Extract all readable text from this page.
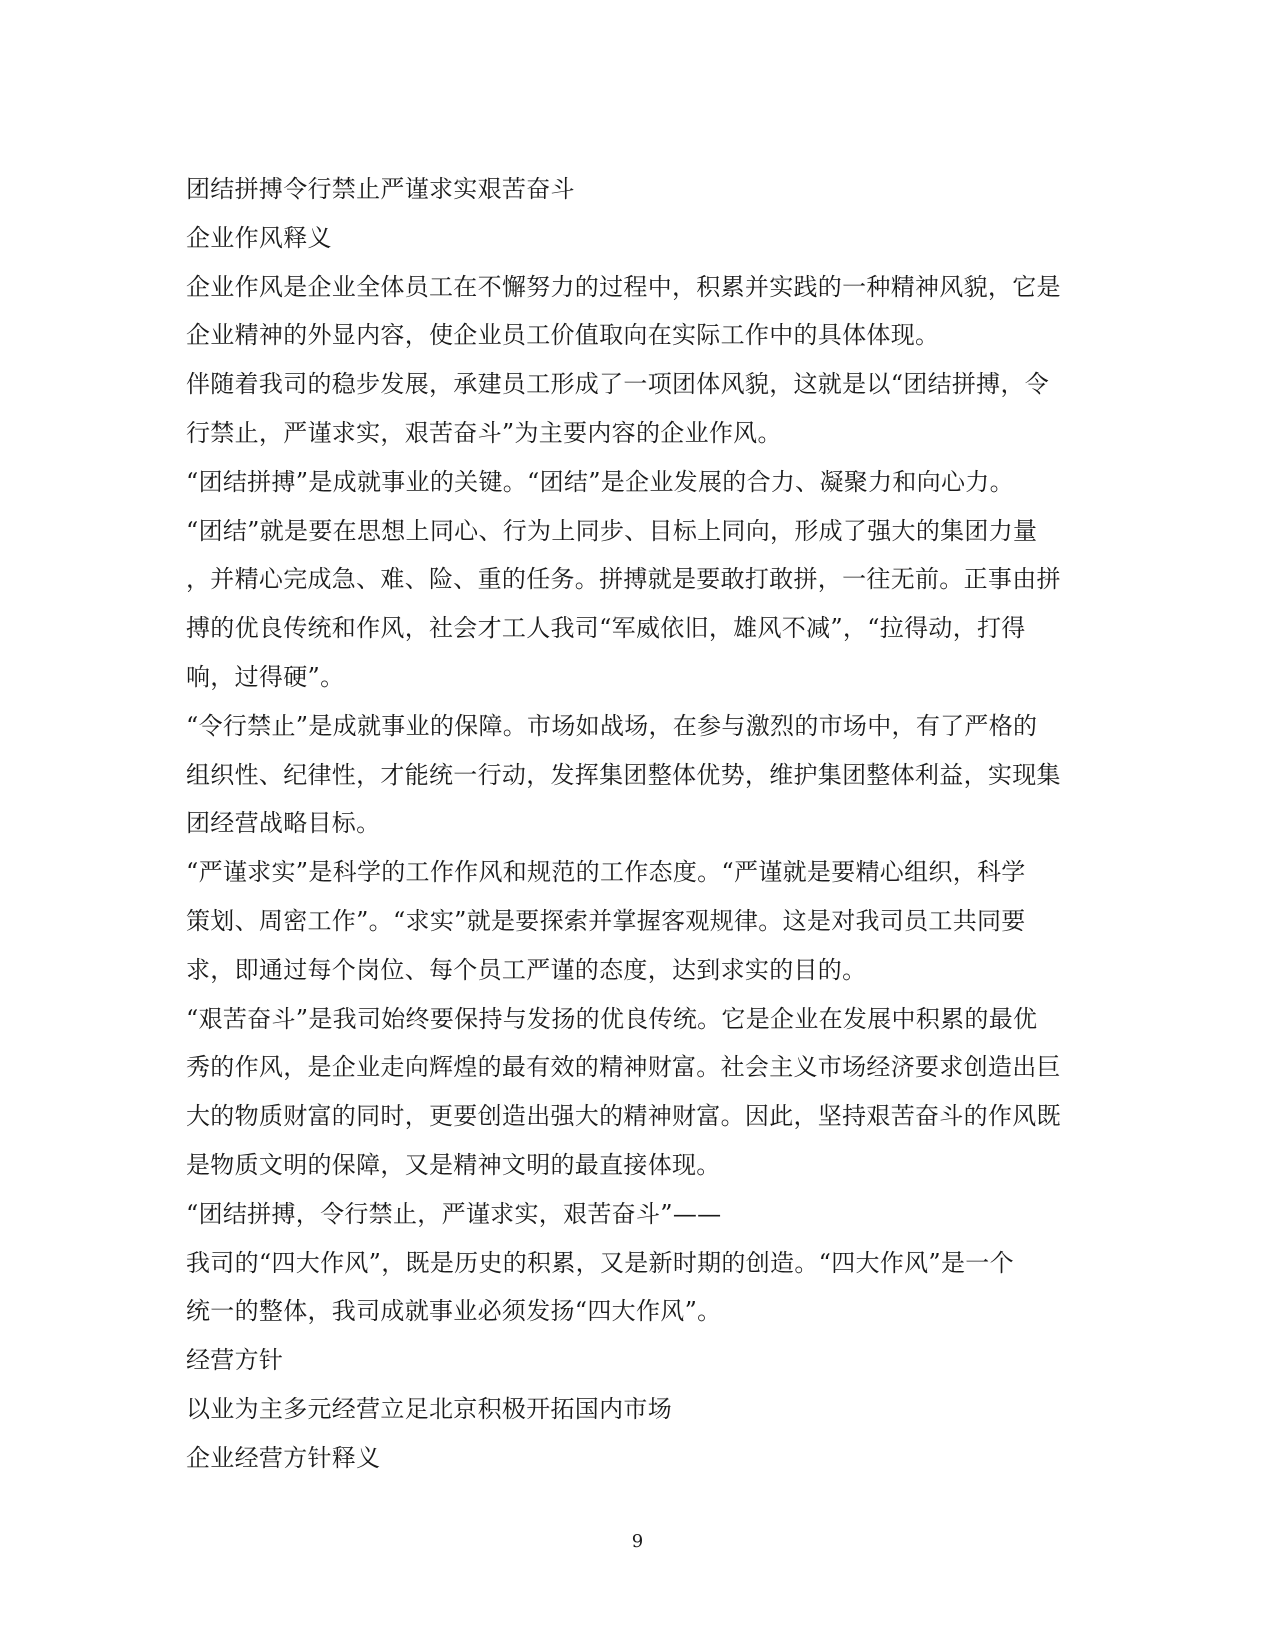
团结拼搏令行禁止严谨求实艰苦奋斗
企业作风释义
企业作风是企业全体员工在不懈努力的过程中，积累并实践的一种精神风貌，它是
企业精神的外显内容，使企业员工价值取向在实际工作中的具体体现。
伴随着我司的稳步发展，承建员工形成了一项团体风貌，这就是以“团结拼搏，令
行禁止，严谨求实，艰苦奋斗”为主要内容的企业作风。
“团结拼搏”是成就事业的关键。“团结”是企业发展的合力、凝聚力和向心力。
“团结”就是要在思想上同心、行为上同步、目标上同向，形成了强大的集团力量
，并精心完成急、难、险、重的任务。拼搏就是要敢打敢拼，一往无前。正事由拼
搏的优良传统和作风，社会才工人我司“军威依旧，雄风不减”，“拉得动，打得
响，过得硬”。
“令行禁止”是成就事业的保障。市场如战场，在参与激烈的市场中，有了严格的
组织性、纪律性，才能统一行动，发挥集团整体优势，维护集团整体利益，实现集
团经营战略目标。
“严谨求实”是科学的工作作风和规范的工作态度。“严谨就是要精心组织，科学
策划、周密工作”。“求实”就是要探索并掌握客观规律。这是对我司员工共同要
求，即通过每个岗位、每个员工严谨的态度，达到求实的目的。
“艰苦奋斗”是我司始终要保持与发扬的优良传统。它是企业在发展中积累的最优
秀的作风，是企业走向辉煌的最有效的精神财富。社会主义市场经济要求创造出巨
大的物质财富的同时，更要创造出强大的精神财富。因此，坚持艰苦奋斗的作风既
是物质文明的保障，又是精神文明的最直接体现。
“团结拼搏，令行禁止，严谨求实，艰苦奋斗”——
我司的“四大作风”，既是历史的积累，又是新时期的创造。“四大作风”是一个
统一的整体，我司成就事业必须发扬“四大作风”。
经营方针
以业为主多元经营立足北京积极开拓国内市场
企业经营方针释义
9
